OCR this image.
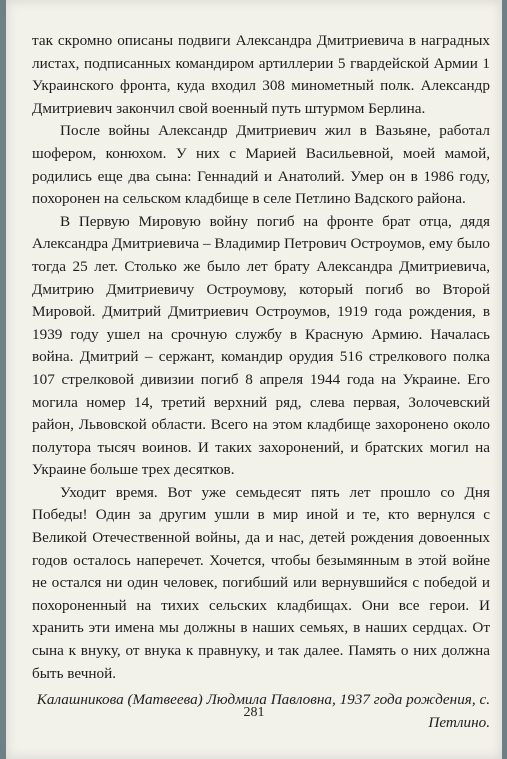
так скромно описаны подвиги Александра Дмитриевича в наградных листах, подписанных командиром артиллерии 5 гвардейской Армии 1 Украинского фронта, куда входил 308 минометный полк. Александр Дмитриевич закончил свой военный путь штурмом Берлина.

После войны Александр Дмитриевич жил в Вазьяне, работал шофером, конюхом. У них с Марией Васильевной, моей мамой, родились еще два сына: Геннадий и Анатолий. Умер он в 1986 году, похоронен на сельском кладбище в селе Петлино Вадского района.

В Первую Мировую войну погиб на фронте брат отца, дядя Александра Дмитриевича – Владимир Петрович Остроумов, ему было тогда 25 лет. Столько же было лет брату Александра Дмитриевича, Дмитрию Дмитриевичу Остроумову, который погиб во Второй Мировой. Дмитрий Дмитриевич Остроумов, 1919 года рождения, в 1939 году ушел на срочную службу в Красную Армию. Началась война. Дмитрий – сержант, командир орудия 516 стрелкового полка 107 стрелковой дивизии погиб 8 апреля 1944 года на Украине. Его могила номер 14, третий верхний ряд, слева первая, Золочевский район, Львовской области. Всего на этом кладбище захоронено около полутора тысяч воинов. И таких захоронений, и братских могил на Украине больше трех десятков.

Уходит время. Вот уже семьдесят пять лет прошло со Дня Победы! Один за другим ушли в мир иной и те, кто вернулся с Великой Отечественной войны, да и нас, детей рождения довоенных годов осталось наперечет. Хочется, чтобы безымянным в этой войне не остался ни один человек, погибший или вернувшийся с победой и похороненный на тихих сельских кладбищах. Они все герои. И хранить эти имена мы должны в наших семьях, в наших сердцах. От сына к внуку, от внука к правнуку, и так далее. Память о них должна быть вечной.

Калашникова (Матвеева) Людмила Павловна, 1937 года рождения, с. Петлино.
281
